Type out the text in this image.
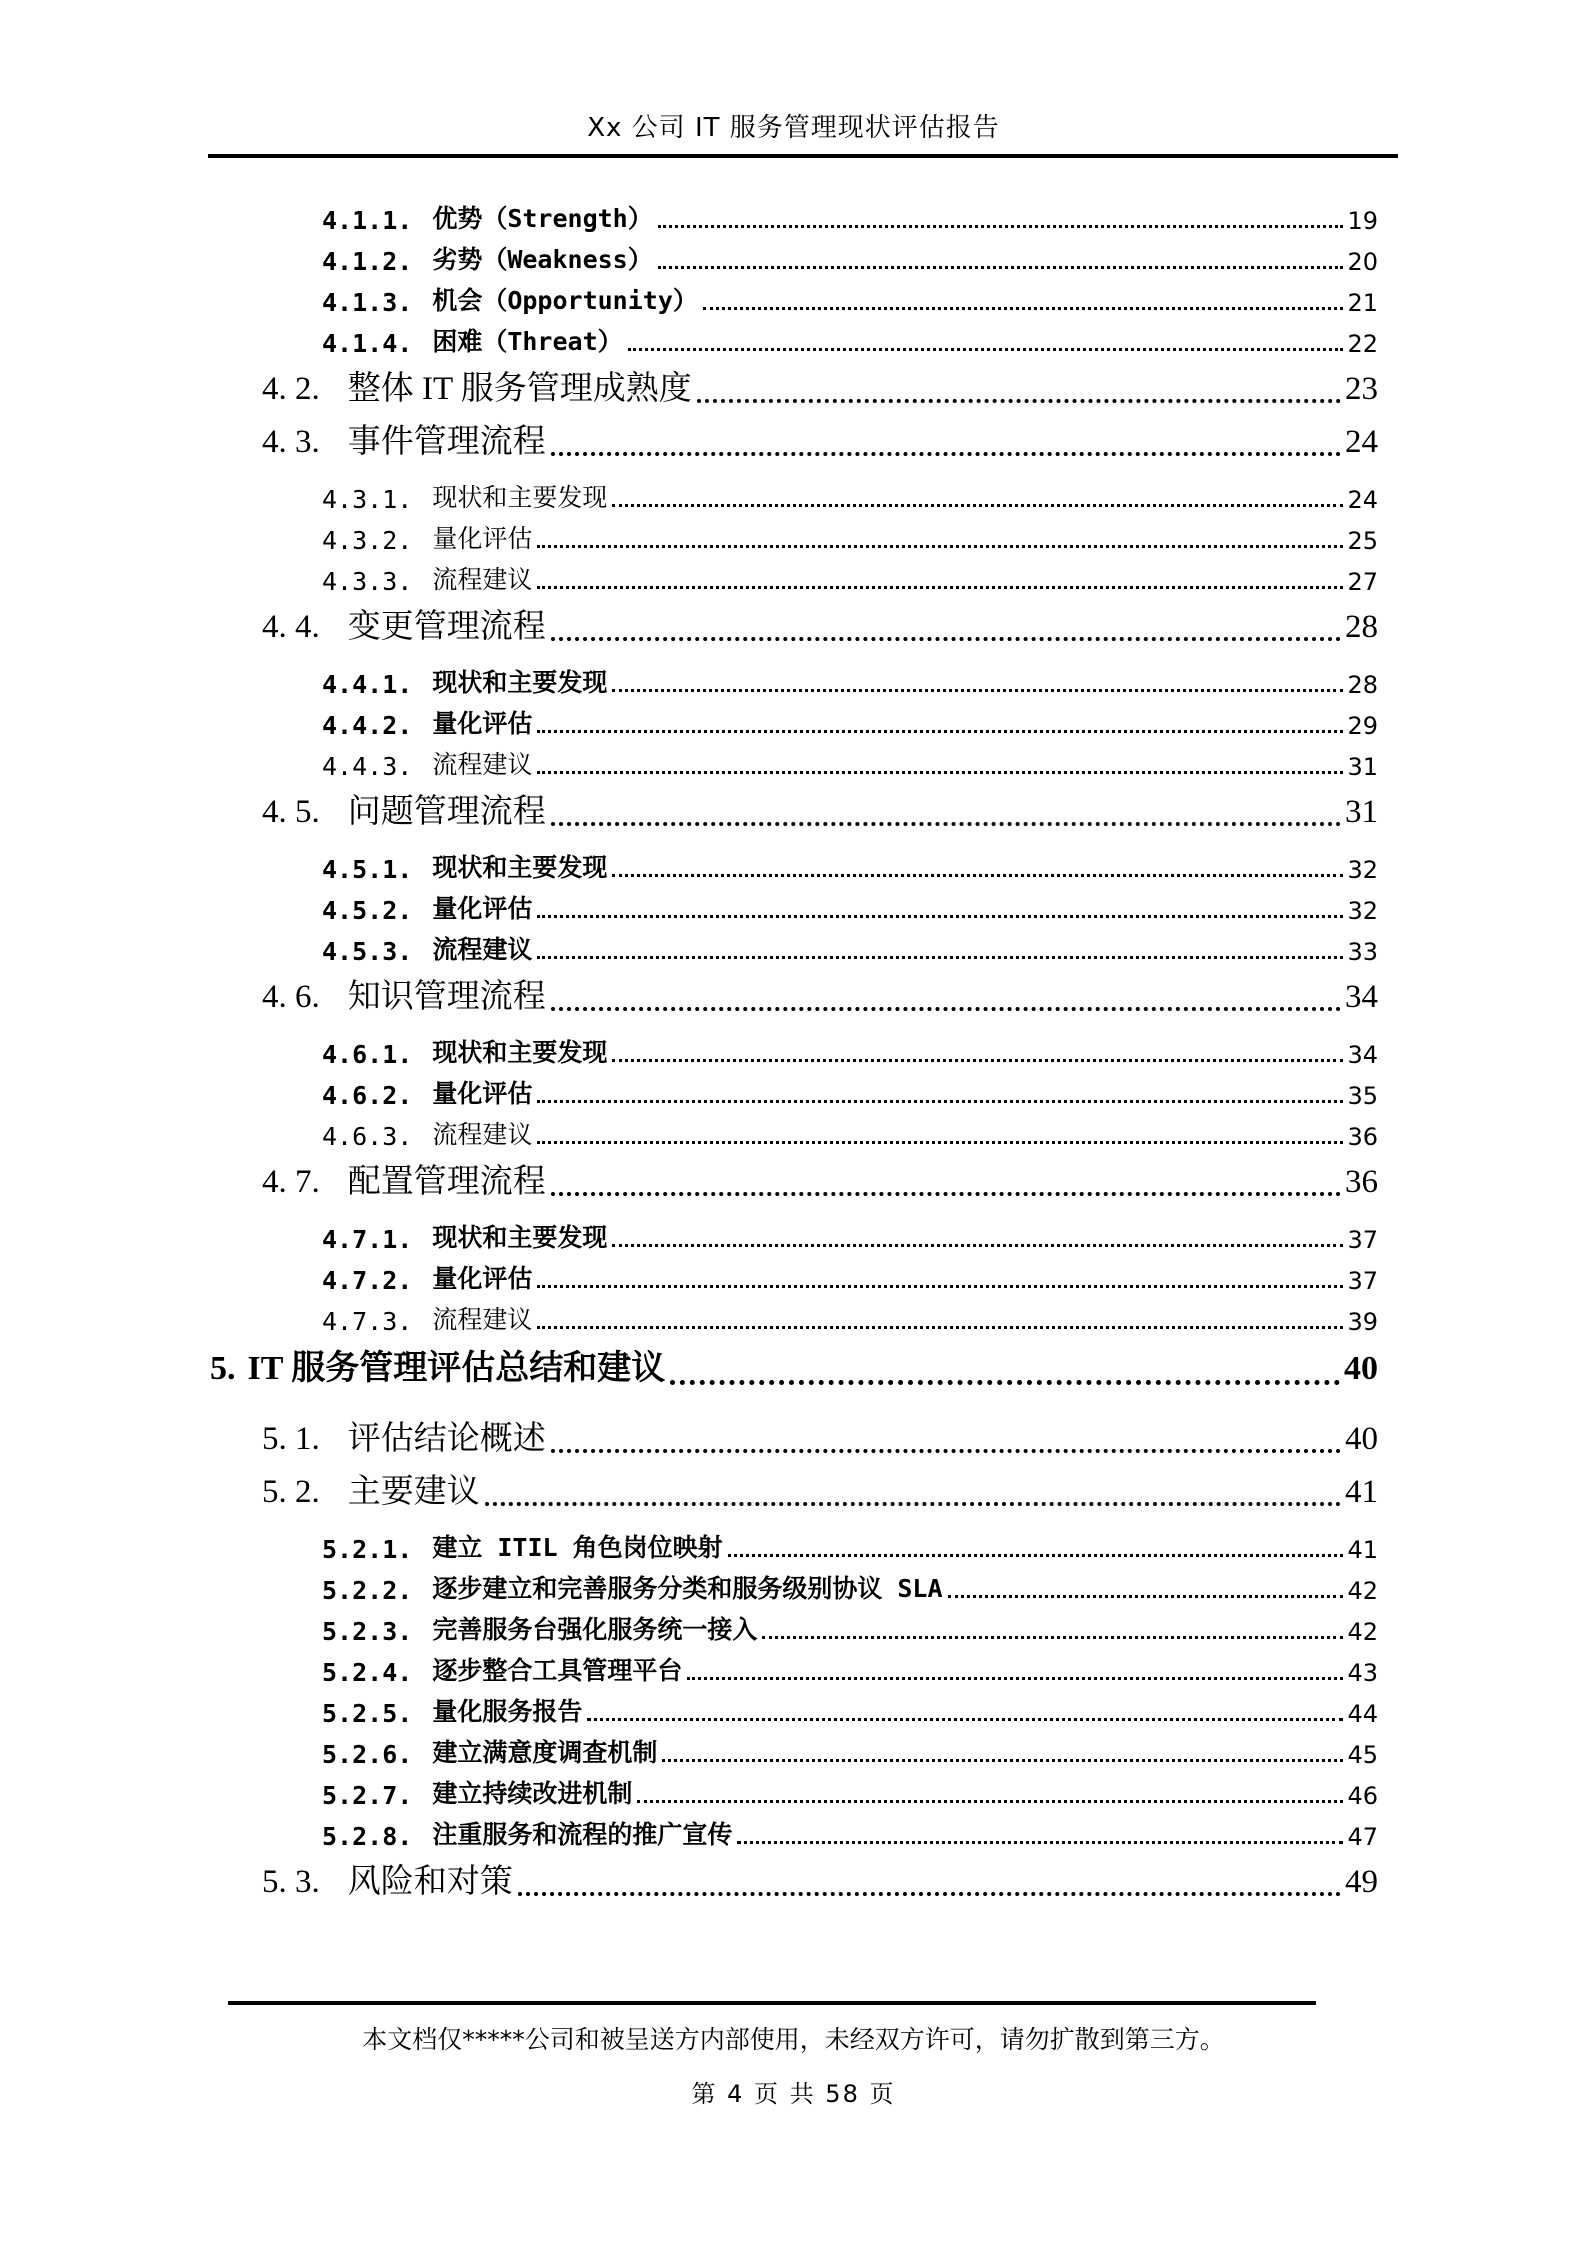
Xx 公司 IT 服务管理现状评估报告
4.1.1. 优势（Strength）	19
4.1.2. 劣势（Weakness）	20
4.1.3. 机会（Opportunity）	21
4.1.4. 困难（Threat）	22
4. 2. 整体 IT 服务管理成熟度	23
4. 3. 事件管理流程	24
4.3.1. 现状和主要发现	24
4.3.2. 量化评估	25
4.3.3. 流程建议	27
4. 4. 变更管理流程	28
4.4.1. 现状和主要发现	28
4.4.2. 量化评估	29
4.4.3. 流程建议	31
4. 5. 问题管理流程	31
4.5.1. 现状和主要发现	32
4.5.2. 量化评估	32
4.5.3. 流程建议	33
4. 6. 知识管理流程	34
4.6.1. 现状和主要发现	34
4.6.2. 量化评估	35
4.6.3. 流程建议	36
4. 7. 配置管理流程	36
4.7.1. 现状和主要发现	37
4.7.2. 量化评估	37
4.7.3. 流程建议	39
5. IT 服务管理评估总结和建议	40
5. 1. 评估结论概述	40
5. 2. 主要建议	41
5.2.1. 建立 ITIL 角色岗位映射	41
5.2.2. 逐步建立和完善服务分类和服务级别协议 SLA	42
5.2.3. 完善服务台强化服务统一接入	42
5.2.4. 逐步整合工具管理平台	43
5.2.5. 量化服务报告	44
5.2.6. 建立满意度调查机制	45
5.2.7. 建立持续改进机制	46
5.2.8. 注重服务和流程的推广宣传	47
5. 3. 风险和对策	49
本文档仅*****公司和被呈送方内部使用，未经双方许可，请勿扩散到第三方。
第 4 页 共 58 页
